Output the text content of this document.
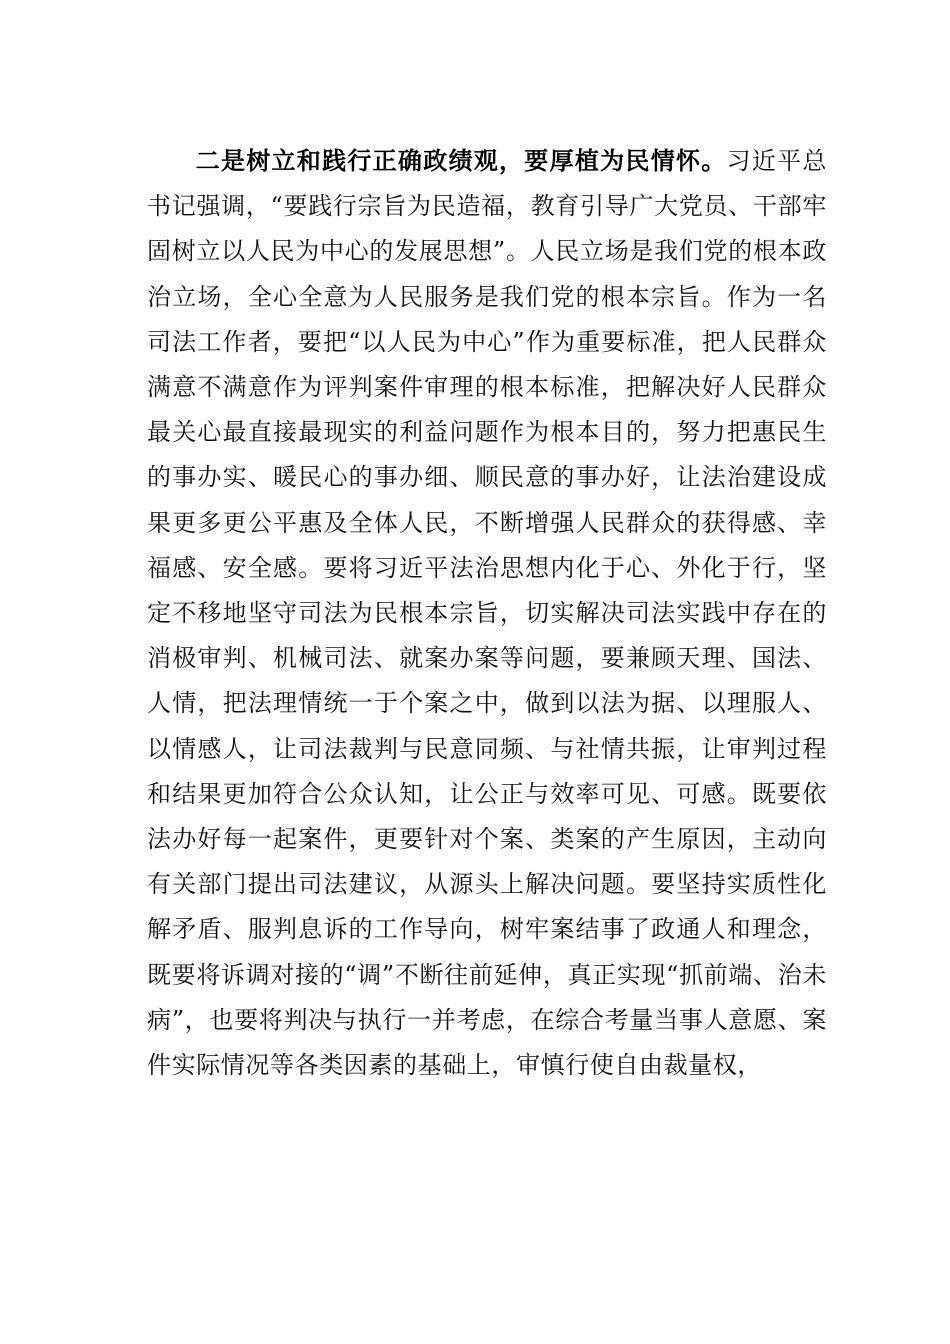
二是树立和践行正确政绩观，要厚植为民情怀。习近平总书记强调，“要践行宗旨为民造福，教育引导广大党员、干部牢固树立以人民为中心的发展思想”。人民立场是我们党的根本政治立场，全心全意为人民服务是我们党的根本宗旨。作为一名司法工作者，要把“以人民为中心”作为重要标准，把人民群众满意不满意作为评判案件审理的根本标准，把解决好人民群众最关心最直接最现实的利益问题作为根本目的，努力把惠民生的事办实、暖民心的事办细、顺民意的事办好，让法治建设成果更多更公平惠及全体人民，不断增强人民群众的获得感、幸福感、安全感。要将习近平法治思想内化于心、外化于行，坚定不移地坚守司法为民根本宗旨，切实解决司法实践中存在的消极审判、机械司法、就案办案等问题，要兼顾天理、国法、人情，把法理情统一于个案之中，做到以法为据、以理服人、以情感人，让司法裁判与民意同频、与社情共振，让审判过程和结果更加符合公众认知，让公正与效率可见、可感。既要依法办好每一起案件，更要针对个案、类案的产生原因，主动向有关部门提出司法建议，从源头上解决问题。要坚持实质性化解矛盾、服判息诉的工作导向，树牢案结事了政通人和理念，既要将诉调对接的“调”不断往前延伸，真正实现“抓前端、治未病”，也要将判决与执行一并考虑，在综合考量当事人意愿、案件实际情况等各类因素的基础上，审慎行使自由裁量权，
